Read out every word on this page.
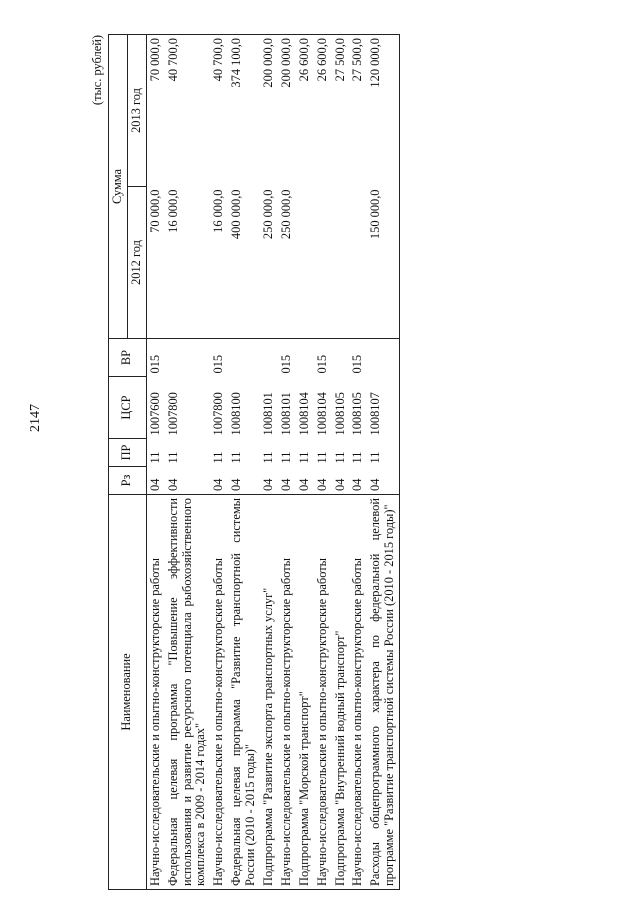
2147
(тыс. рублей)
Наименование	Рз	ПР	ЦСР	ВР	Сумма	
					2012 год	2013 год
Научно-исследовательские и опытно-конструкторские работы	04	11	1007600	015	70 000,0	70 000,0
Федеральная целевая программа "Повышение эффективности использования и развитие ресурсного потенциала рыбохозяйственного комплекса в 2009 - 2014 годах"	04	11	1007800		16 000,0	40 700,0
Научно-исследовательские и опытно-конструкторские работы	04	11	1007800	015	16 000,0	40 700,0
Федеральная целевая программа "Развитие транспортной системы России (2010 - 2015 годы)"	04	11	1008100		400 000,0	374 100,0
Подпрограмма "Развитие экспорта транспортных услуг"	04	11	1008101		250 000,0	200 000,0
Научно-исследовательские и опытно-конструкторские работы	04	11	1008101	015	250 000,0	200 000,0
Подпрограмма "Морской транспорт"	04	11	1008104			26 600,0
Научно-исследовательские и опытно-конструкторские работы	04	11	1008104	015		26 600,0
Подпрограмма "Внутренний водный транспорт"	04	11	1008105			27 500,0
Научно-исследовательские и опытно-конструкторские работы	04	11	1008105	015		27 500,0
Расходы общепрограммного характера по федеральной целевой программе "Развитие транспортной системы России (2010 - 2015 годы)"	04	11	1008107		150 000,0	120 000,0
